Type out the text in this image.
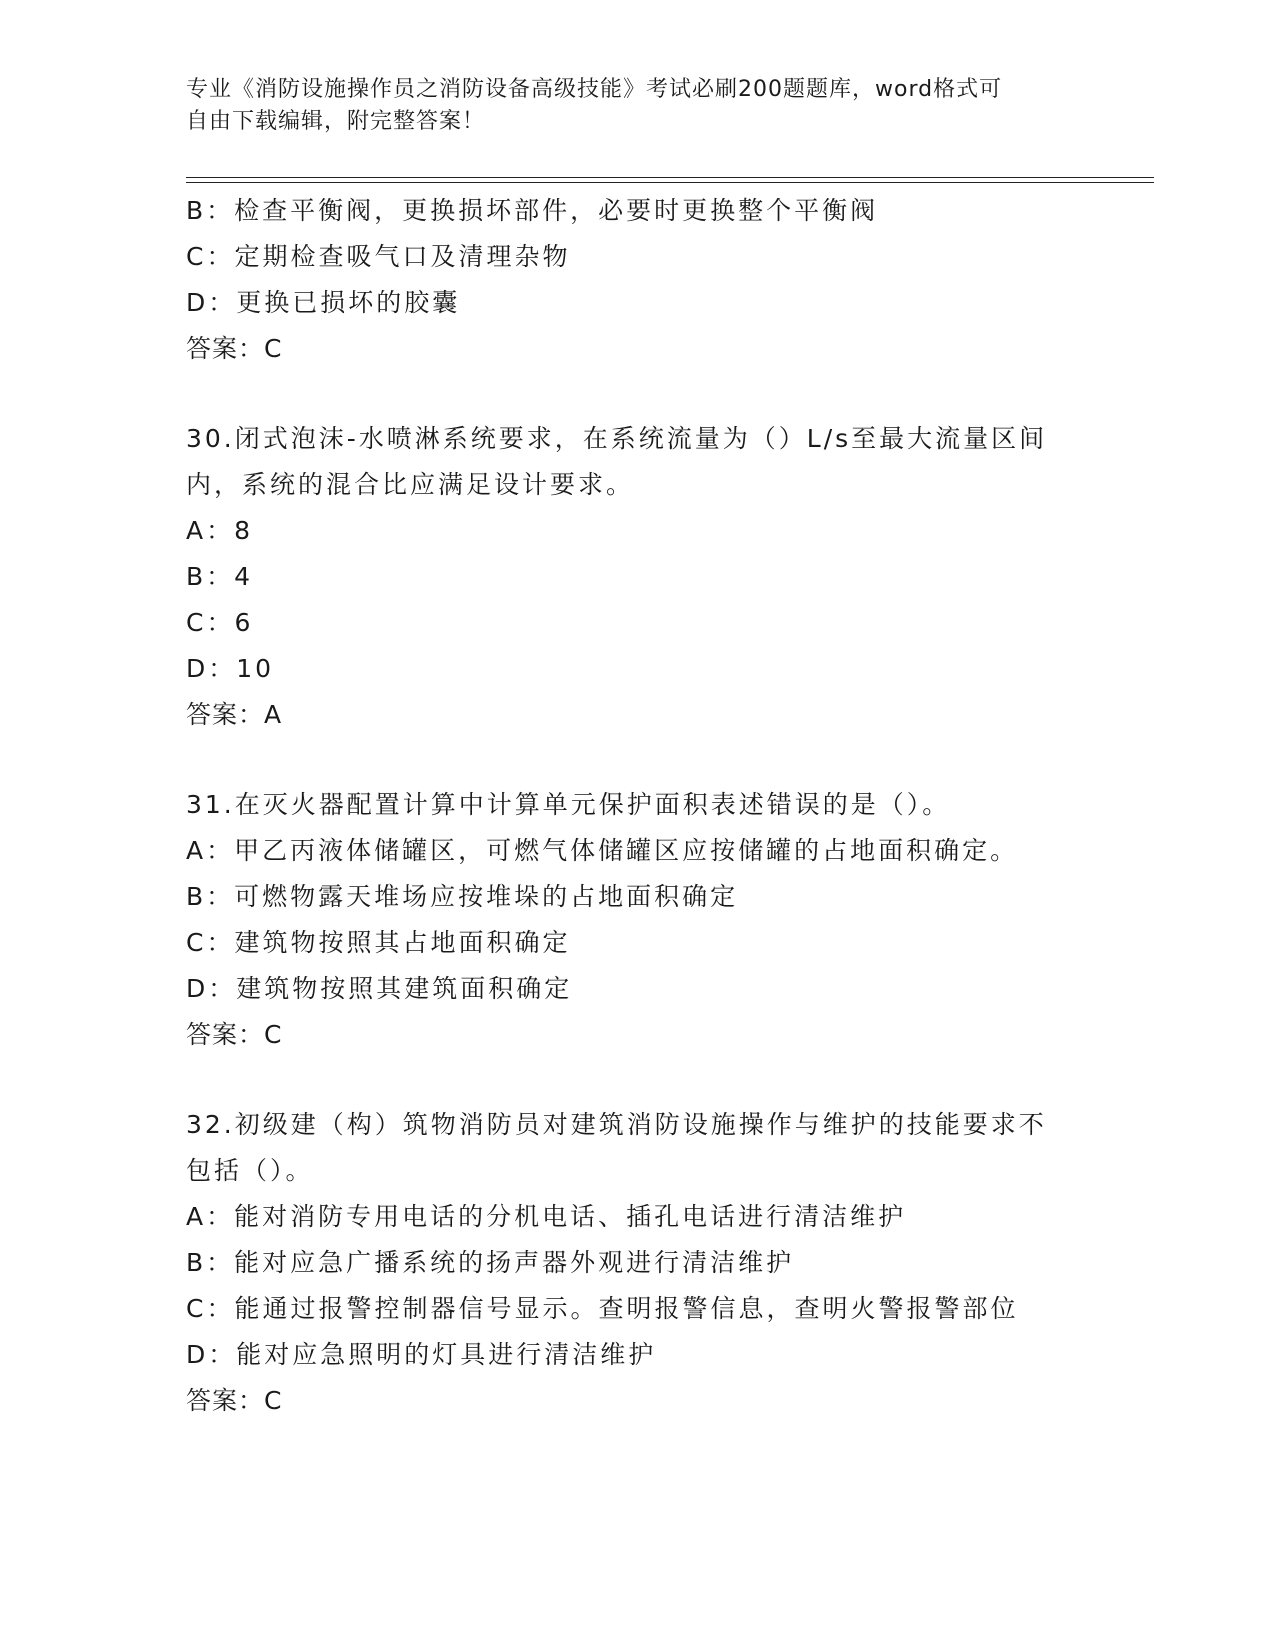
专业《消防设施操作员之消防设备高级技能》考试必刷200题题库，word格式可
自由下载编辑，附完整答案！
B：检查平衡阀，更换损坏部件，必要时更换整个平衡阀
C：定期检查吸气口及清理杂物
D：更换已损坏的胶囊
答案：C
30.闭式泡沫-水喷淋系统要求，在系统流量为（）L/s至最大流量区间
内，系统的混合比应满足设计要求。
A：8
B：4
C：6
D：10
答案：A
31.在灭火器配置计算中计算单元保护面积表述错误的是（）。
A：甲乙丙液体储罐区，可燃气体储罐区应按储罐的占地面积确定。
B：可燃物露天堆场应按堆垛的占地面积确定
C：建筑物按照其占地面积确定
D：建筑物按照其建筑面积确定
答案：C
32.初级建（构）筑物消防员对建筑消防设施操作与维护的技能要求不
包括（）。
A：能对消防专用电话的分机电话、插孔电话进行清洁维护
B：能对应急广播系统的扬声器外观进行清洁维护
C：能通过报警控制器信号显示。查明报警信息，查明火警报警部位
D：能对应急照明的灯具进行清洁维护
答案：C
